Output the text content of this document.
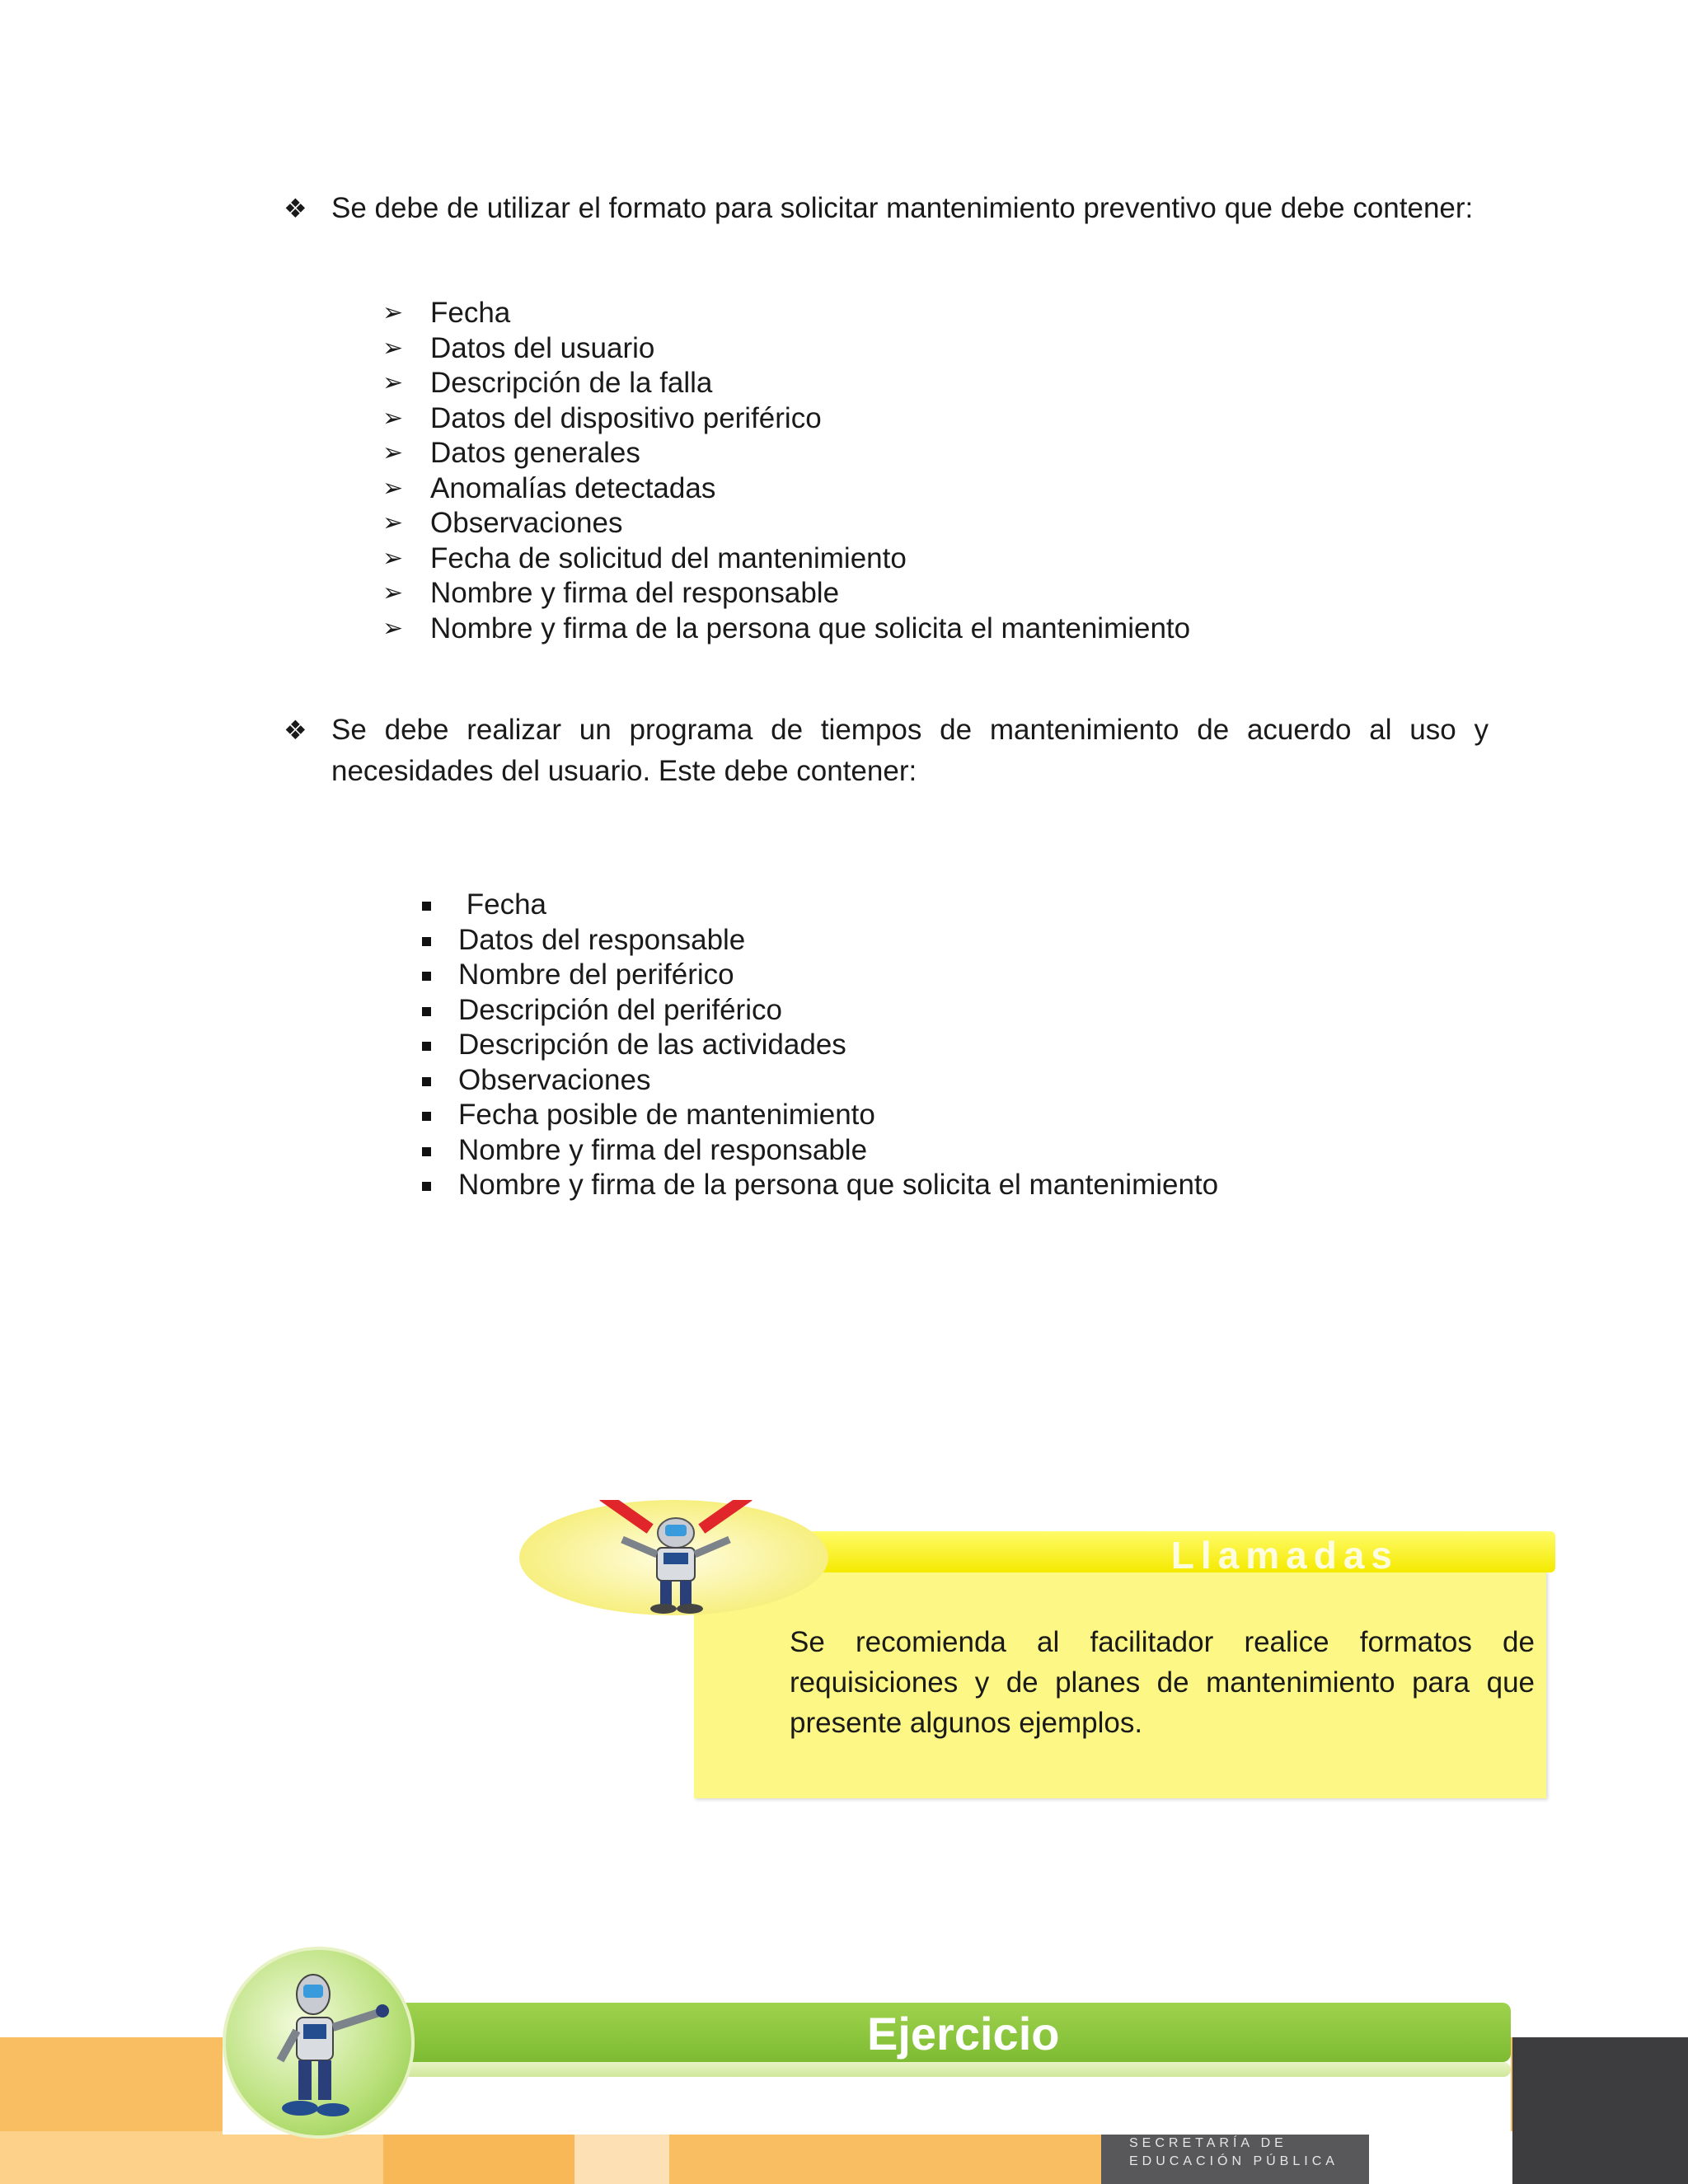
❖ Se debe de utilizar el formato para solicitar mantenimiento preventivo que debe contener:
➢ Fecha
➢ Datos del usuario
➢ Descripción de la falla
➢ Datos del dispositivo periférico
➢ Datos generales
➢ Anomalías detectadas
➢ Observaciones
➢ Fecha de solicitud del mantenimiento
➢ Nombre y firma del responsable
➢ Nombre y firma de la persona que solicita el mantenimiento
❖ Se debe realizar un programa de tiempos de mantenimiento de acuerdo al uso y necesidades del usuario. Este debe contener:
Fecha
Datos del responsable
Nombre del periférico
Descripción del periférico
Descripción de las actividades
Observaciones
Fecha posible de mantenimiento
Nombre y firma del responsable
Nombre y firma de la persona que solicita el mantenimiento
Llamadas
Se recomienda al facilitador realice formatos de requisiciones y de planes de mantenimiento para que presente algunos ejemplos.
SECRETARÍA DE
EDUCACIÓN PÚBLICA
Ejercicio
